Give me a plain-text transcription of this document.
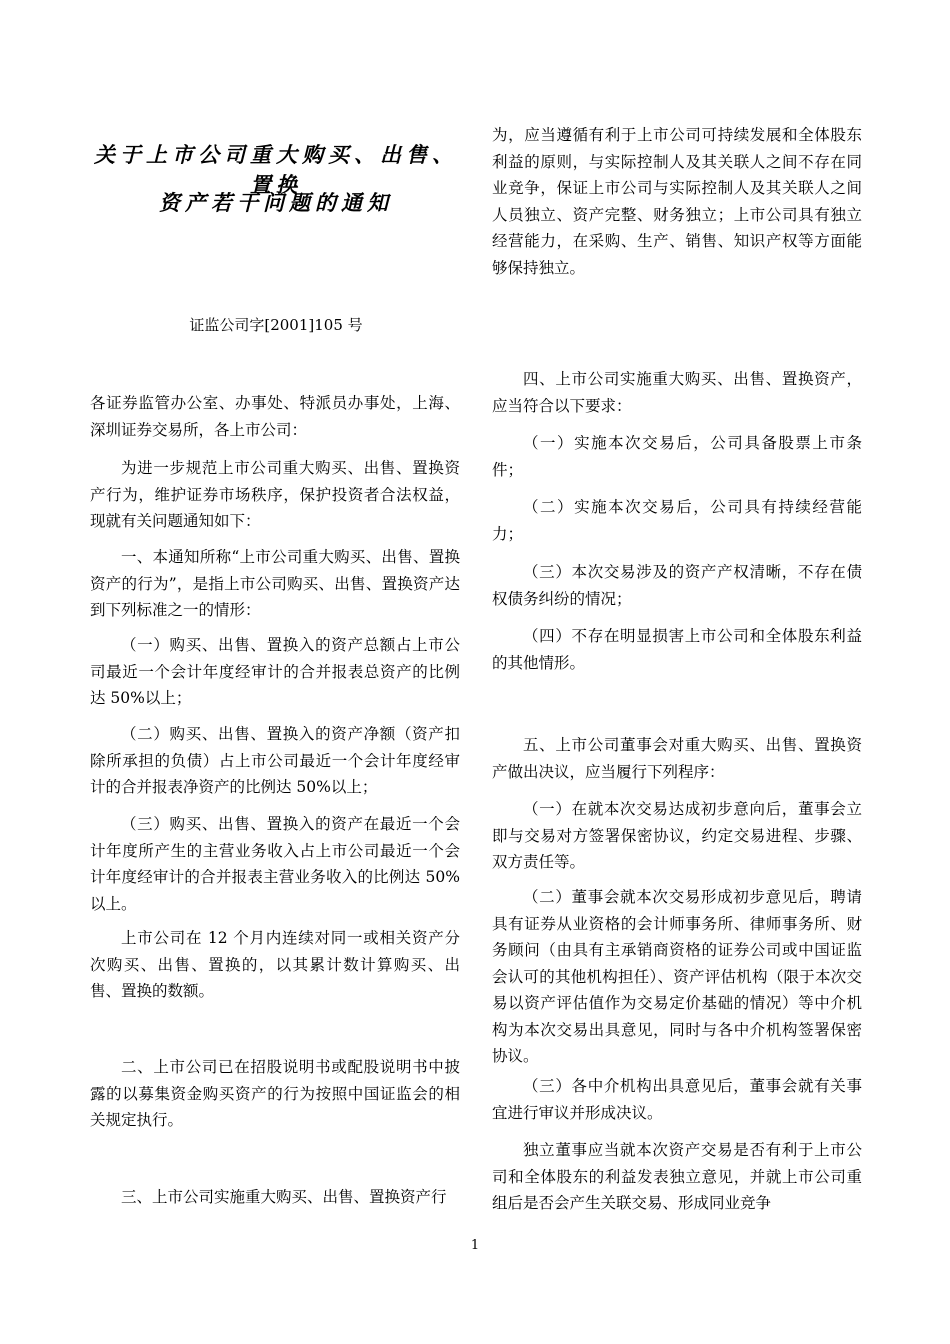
关于上市公司重大购买、出售、置换
资产若干问题的通知
证监公司字[2001]105 号

各证券监管办公室、办事处、特派员办事处，上海、深圳证券交易所，各上市公司：

为进一步规范上市公司重大购买、出售、置换资产行为，维护证券市场秩序，保护投资者合法权益，现就有关问题通知如下：

一、本通知所称“上市公司重大购买、出售、置换资产的行为”，是指上市公司购买、出售、置换资产达到下列标准之一的情形：

（一）购买、出售、置换入的资产总额占上市公司最近一个会计年度经审计的合并报表总资产的比例达 50%以上；

（二）购买、出售、置换入的资产净额（资产扣除所承担的负债）占上市公司最近一个会计年度经审计的合并报表净资产的比例达 50%以上；

（三）购买、出售、置换入的资产在最近一个会计年度所产生的主营业务收入占上市公司最近一个会计年度经审计的合并报表主营业务收入的比例达 50%以上。

上市公司在 12 个月内连续对同一或相关资产分次购买、出售、置换的，以其累计数计算购买、出售、置换的数额。

二、上市公司已在招股说明书或配股说明书中披露的以募集资金购买资产的行为按照中国证监会的相关规定执行。

三、上市公司实施重大购买、出售、置换资产行

为，应当遵循有利于上市公司可持续发展和全体股东利益的原则，与实际控制人及其关联人之间不存在同业竞争，保证上市公司与实际控制人及其关联人之间人员独立、资产完整、财务独立；上市公司具有独立经营能力，在采购、生产、销售、知识产权等方面能够保持独立。

四、上市公司实施重大购买、出售、置换资产，应当符合以下要求：

（一）实施本次交易后，公司具备股票上市条件；

（二）实施本次交易后，公司具有持续经营能力；

（三）本次交易涉及的资产产权清晰，不存在债权债务纠纷的情况；

（四）不存在明显损害上市公司和全体股东利益的其他情形。

五、上市公司董事会对重大购买、出售、置换资产做出决议，应当履行下列程序：

（一）在就本次交易达成初步意向后，董事会立即与交易对方签署保密协议，约定交易进程、步骤、双方责任等。

（二）董事会就本次交易形成初步意见后，聘请具有证券从业资格的会计师事务所、律师事务所、财务顾问（由具有主承销商资格的证券公司或中国证监会认可的其他机构担任）、资产评估机构（限于本次交易以资产评估值作为交易定价基础的情况）等中介机构为本次交易出具意见，同时与各中介机构签署保密协议。

（三）各中介机构出具意见后，董事会就有关事宜进行审议并形成决议。

独立董事应当就本次资产交易是否有利于上市公司和全体股东的利益发表独立意见，并就上市公司重组后是否会产生关联交易、形成同业竞争

1
